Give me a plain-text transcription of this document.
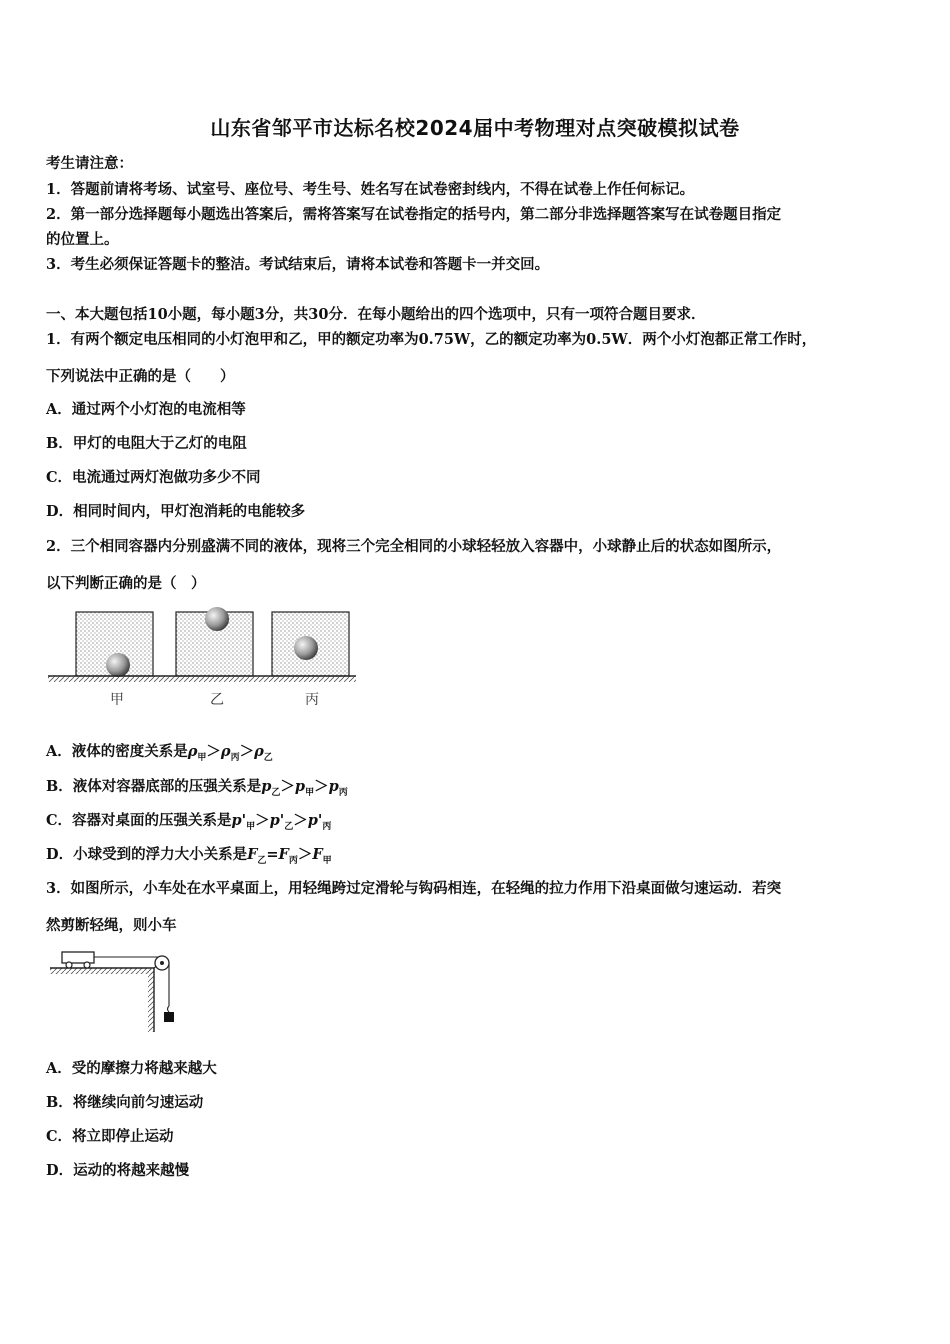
山东省邹平市达标名校2024届中考物理对点突破模拟试卷
考生请注意：
1．答题前请将考场、试室号、座位号、考生号、姓名写在试卷密封线内，不得在试卷上作任何标记。
2．第一部分选择题每小题选出答案后，需将答案写在试卷指定的括号内，第二部分非选择题答案写在试卷题目指定
的位置上。
3．考生必须保证答题卡的整洁。考试结束后，请将本试卷和答题卡一并交回。
一、本大题包括10小题，每小题3分，共30分．在每小题给出的四个选项中，只有一项符合题目要求．
1．有两个额定电压相同的小灯泡甲和乙，甲的额定功率为0.75W，乙的额定功率为0.5W．两个小灯泡都正常工作时，
下列说法中正确的是（　　）
A．通过两个小灯泡的电流相等
B．甲灯的电阻大于乙灯的电阻
C．电流通过两灯泡做功多少不同
D．相同时间内，甲灯泡消耗的电能较多
2．三个相同容器内分别盛满不同的液体，现将三个完全相同的小球轻轻放入容器中，小球静止后的状态如图所示，
以下判断正确的是（　）
甲	乙	丙
A．液体的密度关系是$\rho_甲>\rho_丙>\rho_乙$
B．液体对容器底部的压强关系是$p_乙>p_甲>p_丙$
C．容器对桌面的压强关系是$p'_甲>p'_乙>p'_丙$
D．小球受到的浮力大小关系是$F_乙=F_丙>F_甲$
3．如图所示，小车处在水平桌面上，用轻绳跨过定滑轮与钩码相连，在轻绳的拉力作用下沿桌面做匀速运动．若突
然剪断轻绳，则小车
A．受的摩擦力将越来越大
B．将继续向前匀速运动
C．将立即停止运动
D．运动的将越来越慢
